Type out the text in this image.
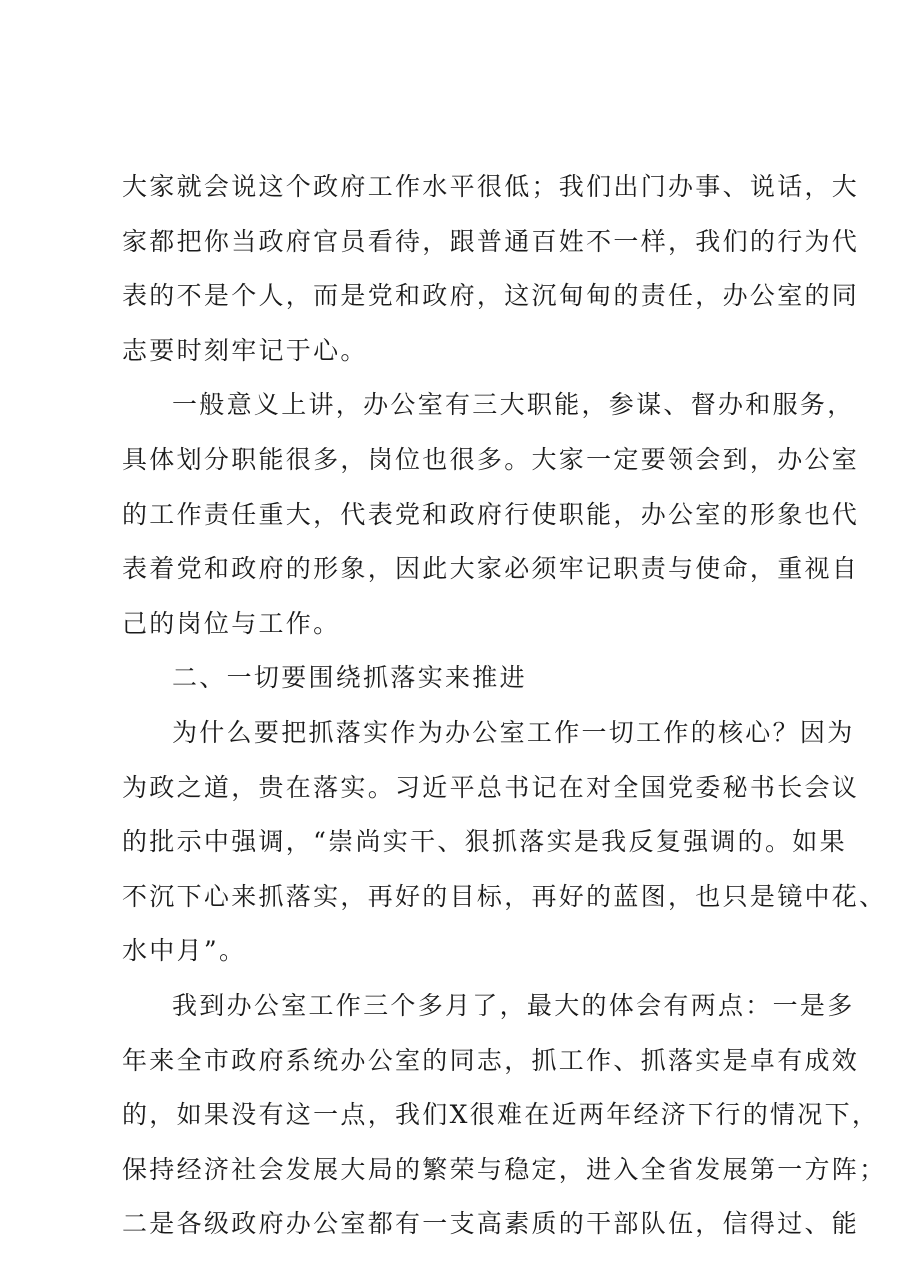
大家就会说这个政府工作水平很低；我们出门办事、说话，大
家都把你当政府官员看待，跟普通百姓不一样，我们的行为代
表的不是个人，而是党和政府，这沉甸甸的责任，办公室的同
志要时刻牢记于心。
一般意义上讲，办公室有三大职能，参谋、督办和服务，
具体划分职能很多，岗位也很多。大家一定要领会到，办公室
的工作责任重大，代表党和政府行使职能，办公室的形象也代
表着党和政府的形象，因此大家必须牢记职责与使命，重视自
己的岗位与工作。
二、一切要围绕抓落实来推进
为什么要把抓落实作为办公室工作一切工作的核心？因为
为政之道，贵在落实。习近平总书记在对全国党委秘书长会议
的批示中强调，“崇尚实干、狠抓落实是我反复强调的。如果
不沉下心来抓落实，再好的目标，再好的蓝图，也只是镜中花、
水中月”。
我到办公室工作三个多月了，最大的体会有两点：一是多
年来全市政府系统办公室的同志，抓工作、抓落实是卓有成效
的，如果没有这一点，我们X很难在近两年经济下行的情况下，
保持经济社会发展大局的繁荣与稳定，进入全省发展第一方阵；
二是各级政府办公室都有一支高素质的干部队伍，信得过、能
